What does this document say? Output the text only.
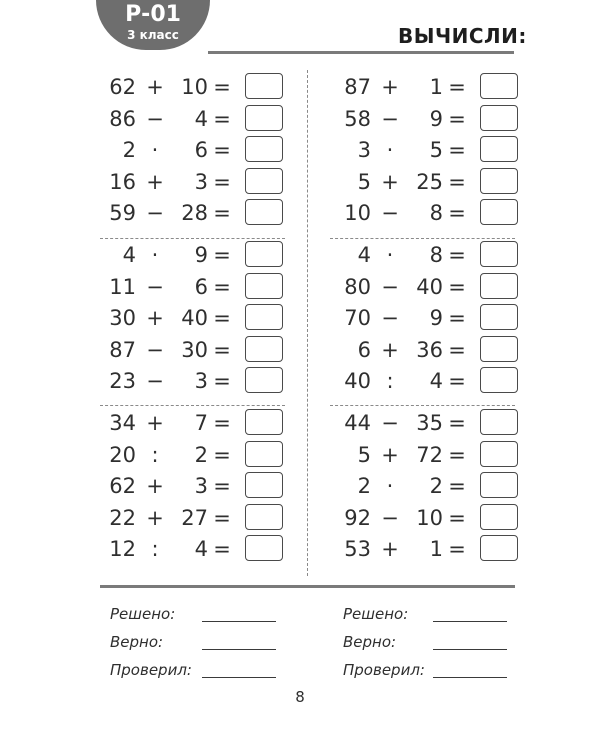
Р-01
3 класс	ВЫЧИСЛИ:
62 + 10 =
86 −	4 =
2 ·	6 =
16 +	3 =
59 − 28 =
4 ·	9 =
11 −	6 =
30 + 40 =
87 − 30 =
23 −	3 =
34 +	7 =
20 :	2 =
62 +	3 =
22 + 27 =
12 :	4 =
87 +	1 =
58 −	9 =
3 ·	5 =
5 + 25 =
10 −	8 =
4 ·	8 =
80 − 40 =
70 −	9 =
6 + 36 =
40 :	4 =
44 − 35 =
5 + 72 =
2 ·	2 =
92 − 10 =
53 +	1 =
Решено:
Верно:
Проверил:
Решено:
Верно:
Проверил:
8
